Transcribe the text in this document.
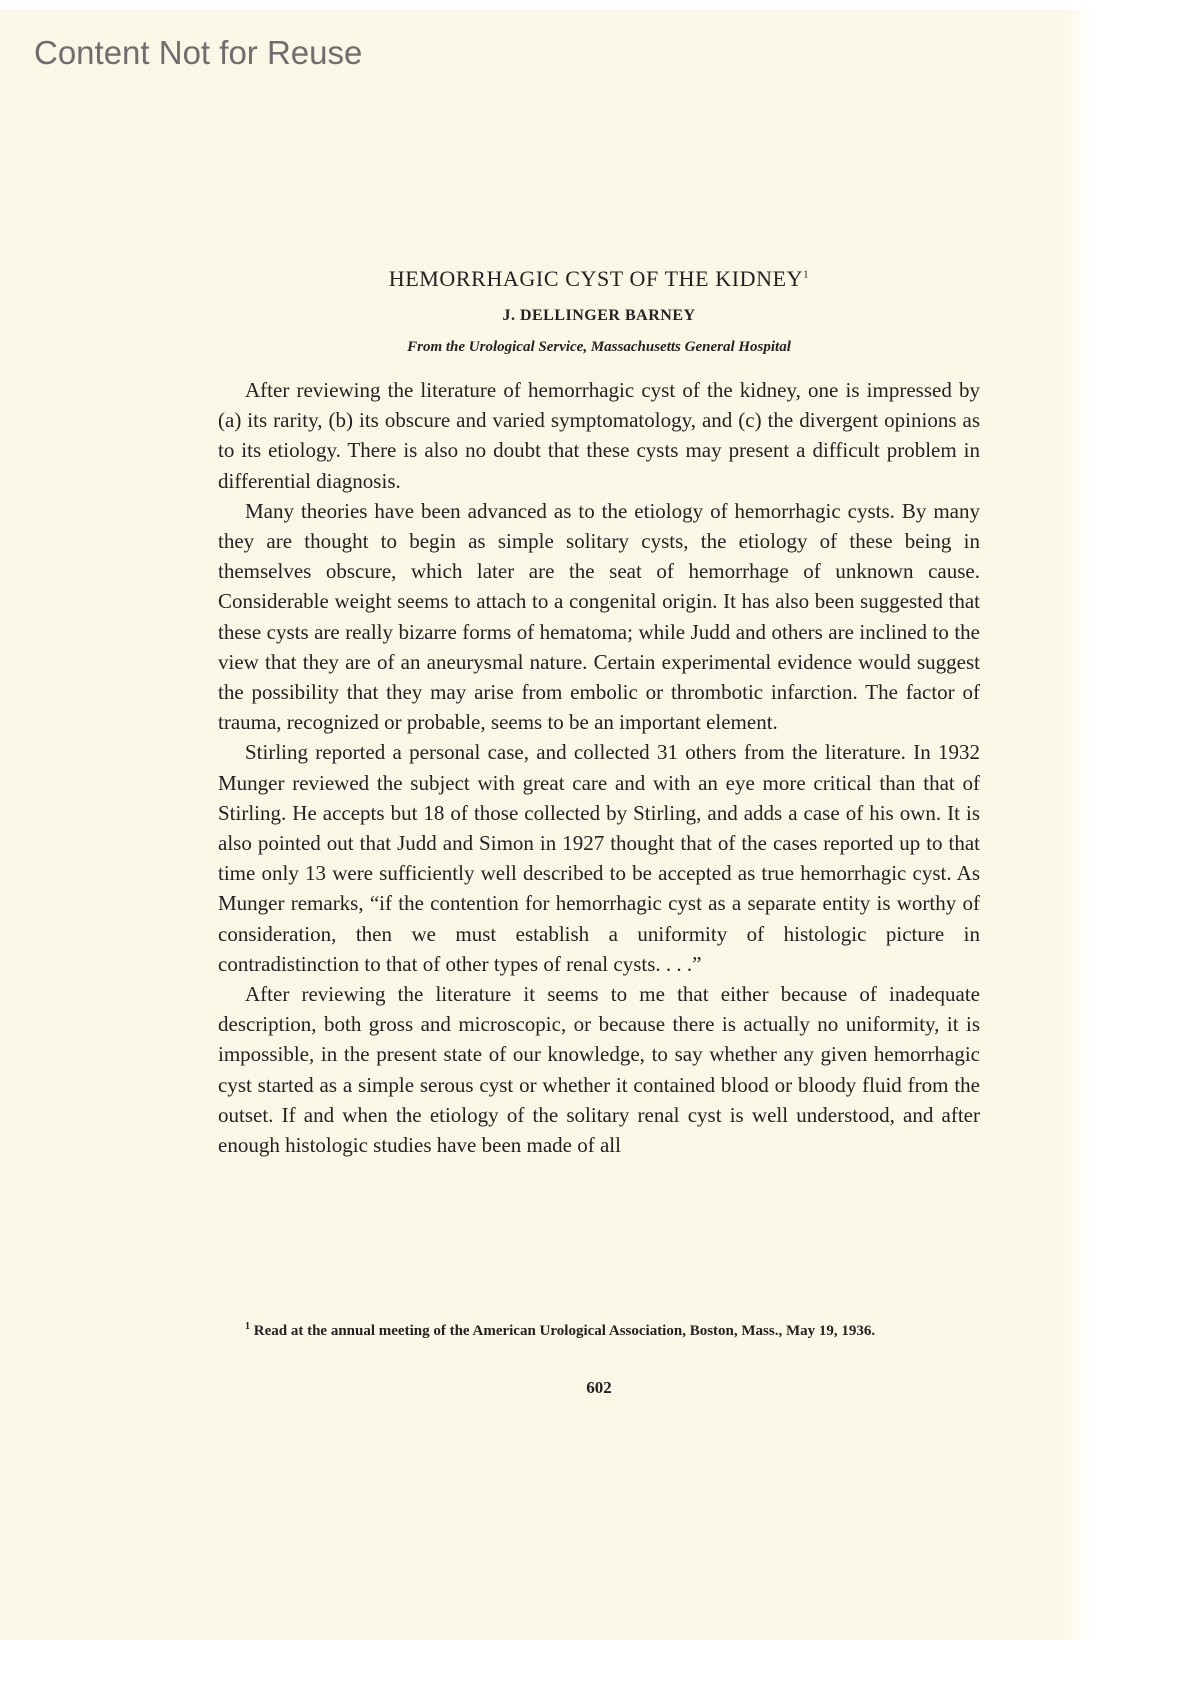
Content Not for Reuse
HEMORRHAGIC CYST OF THE KIDNEY$^1$
J. DELLINGER BARNEY
From the Urological Service, Massachusetts General Hospital

After reviewing the literature of hemorrhagic cyst of the kidney, one is impressed by (a) its rarity, (b) its obscure and varied symptomatology, and (c) the divergent opinions as to its etiology. There is also no doubt that these cysts may present a difficult problem in differential diagnosis.

Many theories have been advanced as to the etiology of hemorrhagic cysts. By many they are thought to begin as simple solitary cysts, the etiology of these being in themselves obscure, which later are the seat of hemorrhage of unknown cause. Considerable weight seems to attach to a congenital origin. It has also been suggested that these cysts are really bizarre forms of hematoma; while Judd and others are inclined to the view that they are of an aneurysmal nature. Certain experimental evidence would suggest the possibility that they may arise from embolic or thrombotic infarction. The factor of trauma, recognized or probable, seems to be an important element.

Stirling reported a personal case, and collected 31 others from the literature. In 1932 Munger reviewed the subject with great care and with an eye more critical than that of Stirling. He accepts but 18 of those collected by Stirling, and adds a case of his own. It is also pointed out that Judd and Simon in 1927 thought that of the cases reported up to that time only 13 were sufficiently well described to be accepted as true hemorrhagic cyst. As Munger remarks, “if the contention for hemorrhagic cyst as a separate entity is worthy of consideration, then we must establish a uniformity of histologic picture in contradistinction to that of other types of renal cysts. . . .”

After reviewing the literature it seems to me that either because of inadequate description, both gross and microscopic, or because there is actually no uniformity, it is impossible, in the present state of our knowledge, to say whether any given hemorrhagic cyst started as a simple serous cyst or whether it contained blood or bloody fluid from the outset. If and when the etiology of the solitary renal cyst is well understood, and after enough histologic studies have been made of all

$^1$ Read at the annual meeting of the American Urological Association, Boston, Mass., May 19, 1936.
602
